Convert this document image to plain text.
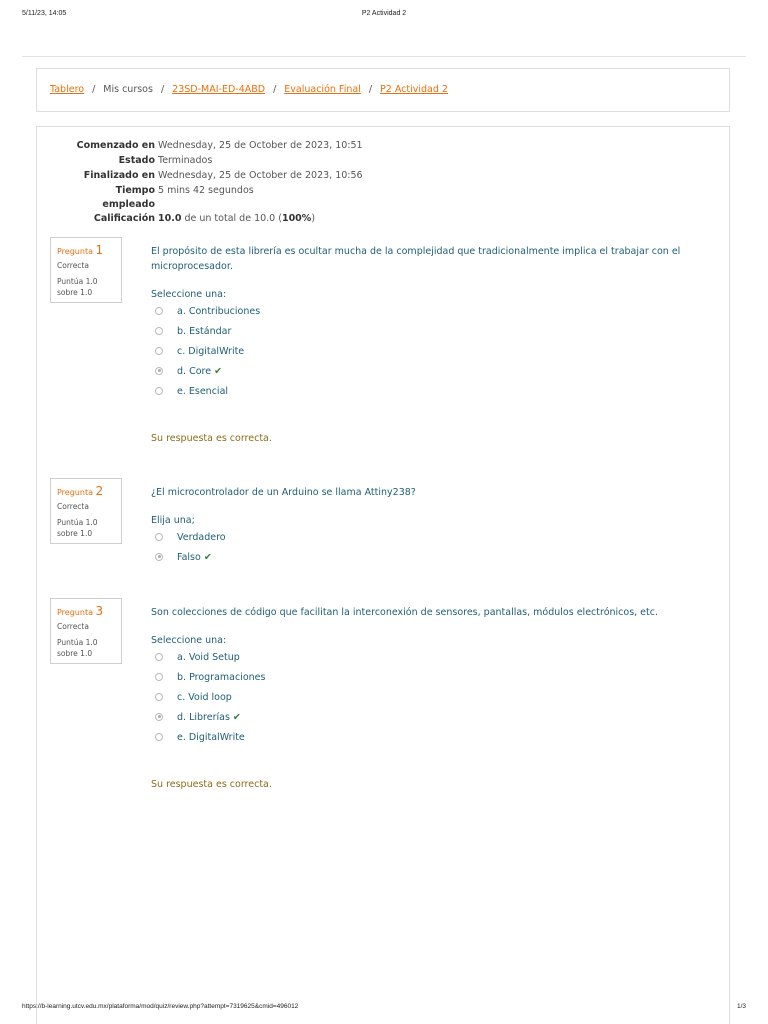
5/11/23, 14:05	P2 Actividad 2
Tablero / Mis cursos / 23SD-MAI-ED-4ABD / Evaluación Final / P2 Actividad 2
Comenzado en Wednesday, 25 de October de 2023, 10:51
Estado Terminados
Finalizado en Wednesday, 25 de October de 2023, 10:56
Tiempo
empleado
5 mins 42 segundos
Calificación 10.0 de un total de 10.0 (100%)
Pregunta 1
Correcta
Puntúa 1.0
sobre 1.0
El propósito de esta librería es ocultar mucha de la complejidad que tradicionalmente implica el trabajar con el microprocesador.
Seleccione una:
a. Contribuciones
b. Estándar
c. DigitalWrite
d. Core ✔
e. Esencial
Su respuesta es correcta.
Pregunta 2
Correcta
Puntúa 1.0
sobre 1.0
¿El microcontrolador de un Arduino se llama Attiny238?
Elija una;
Verdadero
Falso ✔
Pregunta 3
Correcta
Puntúa 1.0
sobre 1.0
Son colecciones de código que facilitan la interconexión de sensores, pantallas, módulos electrónicos, etc.
Seleccione una:
a. Void Setup
b. Programaciones
c. Void loop
d. Librerías ✔
e. DigitalWrite
Su respuesta es correcta.
https://b-learning.utcv.edu.mx/plataforma/mod/quiz/review.php?attempt=7319625&cmid=496012	1/3
